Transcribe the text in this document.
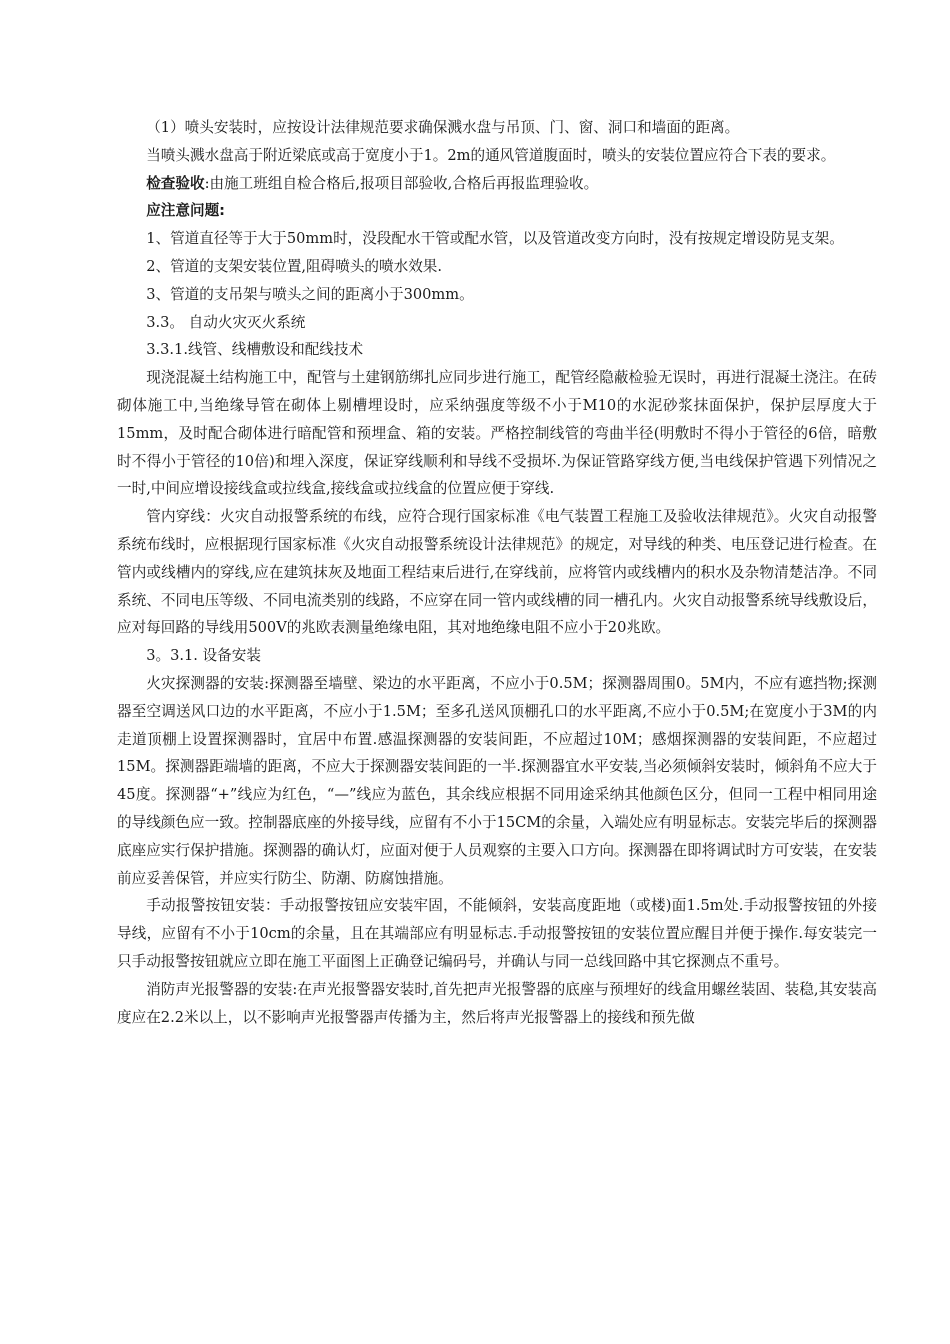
（1）喷头安装时，应按设计法律规范要求确保溅水盘与吊顶、门、窗、洞口和墙面的距离。

当喷头溅水盘高于附近梁底或高于宽度小于1。2m的通风管道腹面时，喷头的安装位置应符合下表的要求。

检查验收:由施工班组自检合格后,报项目部验收,合格后再报监理验收。

应注意问题:

1、管道直径等于大于50mm时，没段配水干管或配水管，以及管道改变方向时，没有按规定增设防晃支架。

2、管道的支架安装位置,阻碍喷头的喷水效果.

3、管道的支吊架与喷头之间的距离小于300mm。

3.3。 自动火灾灭火系统

3.3.1.线管、线槽敷设和配线技术

现浇混凝土结构施工中，配管与土建钢筋绑扎应同步进行施工，配管经隐蔽检验无误时，再进行混凝土浇注。在砖砌体施工中,当绝缘导管在砌体上剔槽埋设时，应采纳强度等级不小于M10的水泥砂浆抹面保护，保护层厚度大于15mm，及时配合砌体进行暗配管和预埋盒、箱的安装。严格控制线管的弯曲半径(明敷时不得小于管径的6倍，暗敷时不得小于管径的10倍)和埋入深度，保证穿线顺利和导线不受损坏.为保证管路穿线方便,当电线保护管遇下列情况之一时,中间应增设接线盒或拉线盒,接线盒或拉线盒的位置应便于穿线.

管内穿线：火灾自动报警系统的布线，应符合现行国家标准《电气装置工程施工及验收法律规范》。火灾自动报警系统布线时，应根据现行国家标准《火灾自动报警系统设计法律规范》的规定，对导线的种类、电压登记进行检查。在管内或线槽内的穿线,应在建筑抹灰及地面工程结束后进行,在穿线前，应将管内或线槽内的积水及杂物清楚洁净。不同系统、不同电压等级、不同电流类别的线路，不应穿在同一管内或线槽的同一槽孔内。火灾自动报警系统导线敷设后，应对每回路的导线用500V的兆欧表测量绝缘电阻，其对地绝缘电阻不应小于20兆欧。

3。3.1. 设备安装

火灾探测器的安装:探测器至墙壁、梁边的水平距离，不应小于0.5M；探测器周围0。5M内，不应有遮挡物;探测器至空调送风口边的水平距离，不应小于1.5M；至多孔送风顶棚孔口的水平距离,不应小于0.5M;在宽度小于3M的内走道顶棚上设置探测器时，宜居中布置.感温探测器的安装间距，不应超过10M；感烟探测器的安装间距，不应超过15M。探测器距端墙的距离，不应大于探测器安装间距的一半.探测器宜水平安装,当必须倾斜安装时，倾斜角不应大于45度。探测器“+”线应为红色，“—”线应为蓝色，其余线应根据不同用途采纳其他颜色区分，但同一工程中相同用途的导线颜色应一致。控制器底座的外接导线，应留有不小于15CM的余量，入端处应有明显标志。安装完毕后的探测器底座应实行保护措施。探测器的确认灯，应面对便于人员观察的主要入口方向。探测器在即将调试时方可安装，在安装前应妥善保管，并应实行防尘、防潮、防腐蚀措施。

手动报警按钮安装：手动报警按钮应安装牢固，不能倾斜，安装高度距地（或楼)面1.5m处.手动报警按钮的外接导线，应留有不小于10cm的余量，且在其端部应有明显标志.手动报警按钮的安装位置应醒目并便于操作.每安装完一只手动报警按钮就应立即在施工平面图上正确登记编码号，并确认与同一总线回路中其它探测点不重号。

消防声光报警器的安装:在声光报警器安装时,首先把声光报警器的底座与预埋好的线盒用螺丝装固、装稳,其安装高度应在2.2米以上，以不影响声光报警器声传播为主，然后将声光报警器上的接线和预先做
